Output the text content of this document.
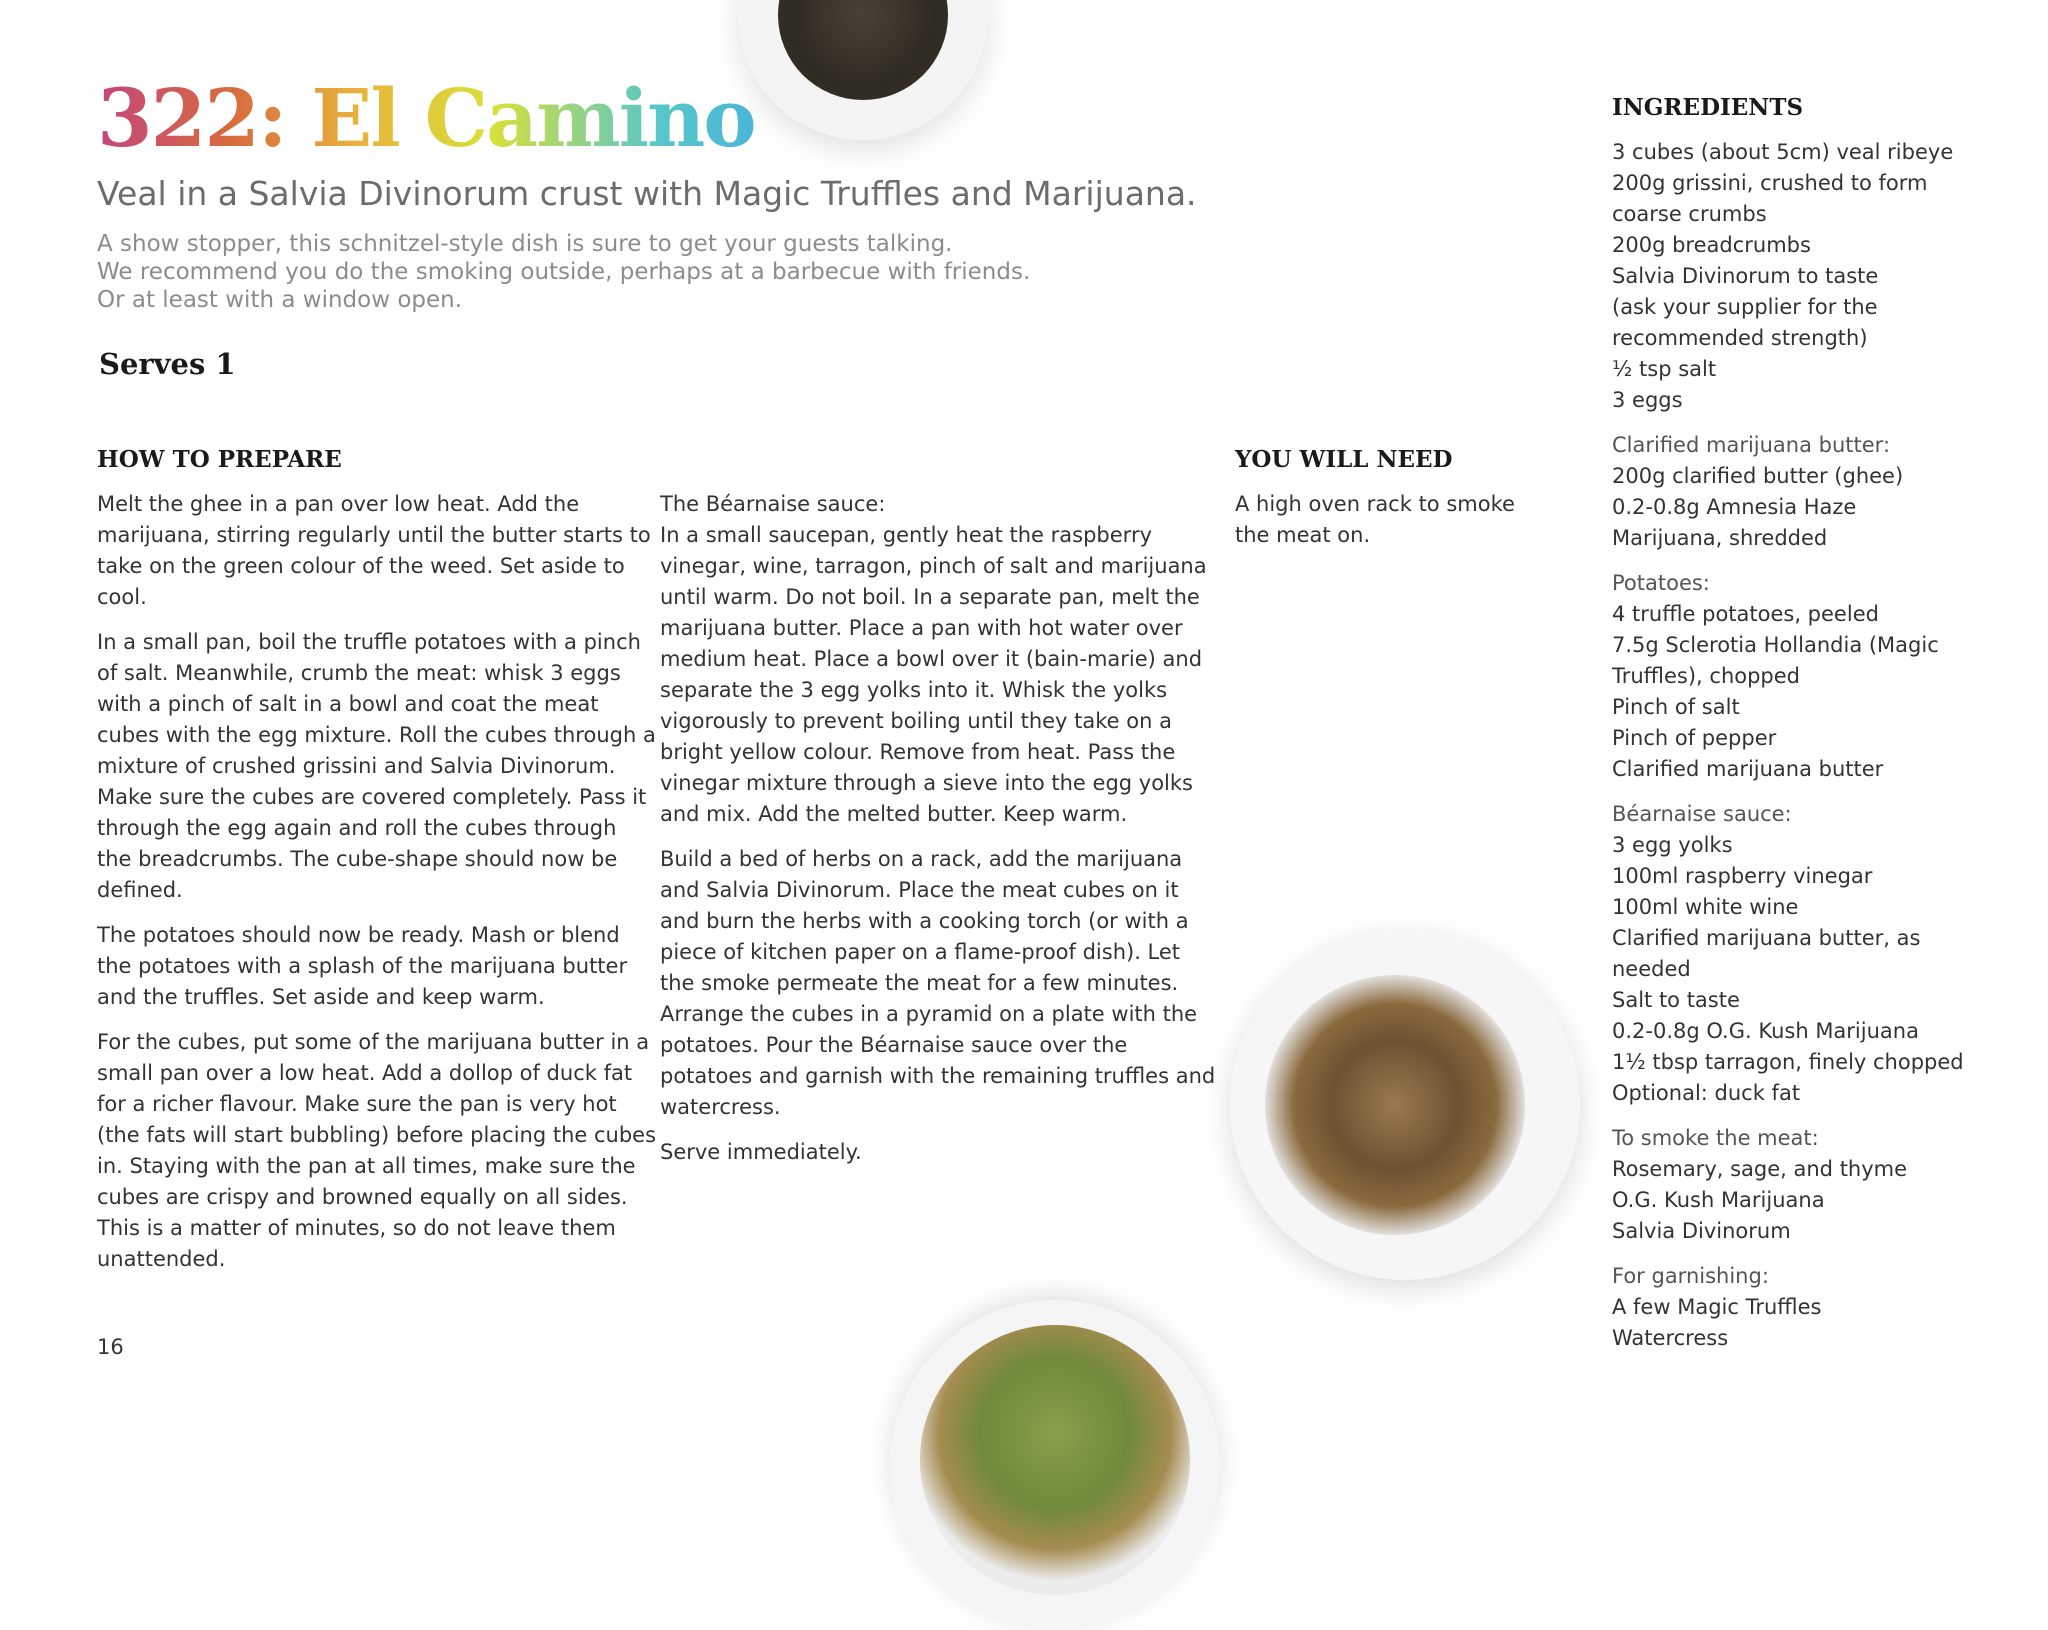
322: El Camino
Veal in a Salvia Divinorum crust with Magic Truffles and Marijuana.
A show stopper, this schnitzel-style dish is sure to get your guests talking.
We recommend you do the smoking outside, perhaps at a barbecue with friends.
Or at least with a window open.
Serves 1
HOW TO PREPARE	YOU WILL NEED

Melt the ghee in a pan over low heat. Add the marijuana, stirring regularly until the butter starts to take on the green colour of the weed. Set aside to cool.

In a small pan, boil the truffle potatoes with a pinch of salt. Meanwhile, crumb the meat: whisk 3 eggs with a pinch of salt in a bowl and coat the meat cubes with the egg mixture. Roll the cubes through a mixture of crushed grissini and Salvia Divinorum. Make sure the cubes are covered completely. Pass it through the egg again and roll the cubes through the breadcrumbs. The cube-shape should now be defined.

The potatoes should now be ready. Mash or blend the potatoes with a splash of the marijuana butter and the truffles. Set aside and keep warm.

For the cubes, put some of the marijuana butter in a small pan over a low heat. Add a dollop of duck fat for a richer flavour. Make sure the pan is very hot (the fats will start bubbling) before placing the cubes in. Staying with the pan at all times, make sure the cubes are crispy and browned equally on all sides. This is a matter of minutes, so do not leave them unattended.

The Béarnaise sauce:

In a small saucepan, gently heat the raspberry vinegar, wine, tarragon, pinch of salt and marijuana until warm. Do not boil. In a separate pan, melt the marijuana butter. Place a pan with hot water over medium heat. Place a bowl over it (bain-marie) and separate the 3 egg yolks into it. Whisk the yolks vigorously to prevent boiling until they take on a bright yellow colour. Remove from heat. Pass the vinegar mixture through a sieve into the egg yolks and mix. Add the melted butter. Keep warm.

Build a bed of herbs on a rack, add the marijuana and Salvia Divinorum. Place the meat cubes on it and burn the herbs with a cooking torch (or with a piece of kitchen paper on a flame-proof dish). Let the smoke permeate the meat for a few minutes. Arrange the cubes in a pyramid on a plate with the potatoes. Pour the Béarnaise sauce over the potatoes and garnish with the remaining truffles and watercress.

Serve immediately.

A high oven rack to smoke the meat on.
INGREDIENTS
3 cubes (about 5cm) veal ribeye
200g grissini, crushed to form
coarse crumbs
200g breadcrumbs
Salvia Divinorum to taste
(ask your supplier for the
recommended strength)
½ tsp salt
3 eggs
Clarified marijuana butter:
200g clarified butter (ghee)
0.2-0.8g Amnesia Haze
Marijuana, shredded
Potatoes:
4 truffle potatoes, peeled
7.5g Sclerotia Hollandia (Magic
Truffles), chopped
Pinch of salt
Pinch of pepper
Clarified marijuana butter
Béarnaise sauce:
3 egg yolks
100ml raspberry vinegar
100ml white wine
Clarified marijuana butter, as
needed
Salt to taste
0.2-0.8g O.G. Kush Marijuana
1½ tbsp tarragon, finely chopped
Optional: duck fat
To smoke the meat:
Rosemary, sage, and thyme
O.G. Kush Marijuana
Salvia Divinorum
For garnishing:
A few Magic Truffles
Watercress
16
